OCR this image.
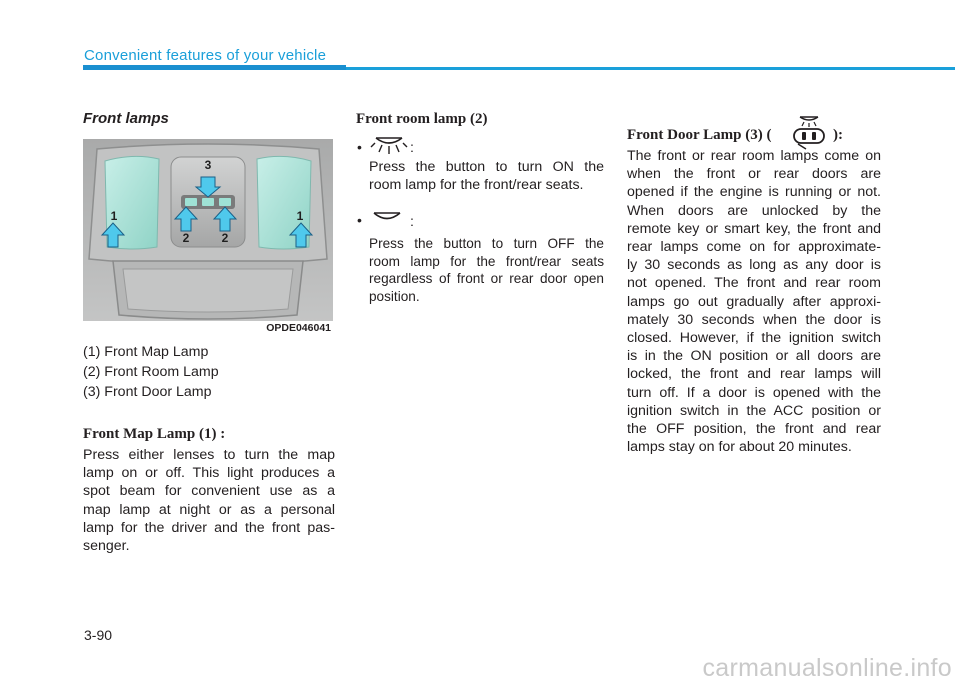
Convenient features of your vehicle
Front lamps
3
1
2	2
1
OPDE046041
(1) Front Map Lamp
(2) Front Room Lamp
(3) Front Door Lamp
Front Map Lamp (1) :
Press either lenses to turn the map
lamp on or off. This light produces a
spot beam for convenient use as a
map lamp at night or as a personal
lamp for the driver and the front pas-
senger.
Front room lamp (2)
•	:
Press the button to turn ON the
room lamp for the front/rear seats.
•	:
Press the button to turn OFF the
room lamp for the front/rear seats
regardless of front or rear door open
position.
Front Door Lamp (3) (	):
The front or rear room lamps come on
when the front or rear doors are
opened if the engine is running or not.
When doors are unlocked by the
remote key or smart key, the front and
rear lamps come on for approximate-
ly 30 seconds as long as any door is
not opened. The front and rear room
lamps go out gradually after approxi-
mately 30 seconds when the door is
closed. However, if the ignition switch
is in the ON position or all doors are
locked, the front and rear lamps will
turn off. If a door is opened with the
ignition switch in the ACC position or
the OFF position, the front and rear
lamps stay on for about 20 minutes.
3-90
carmanualsonline.info
